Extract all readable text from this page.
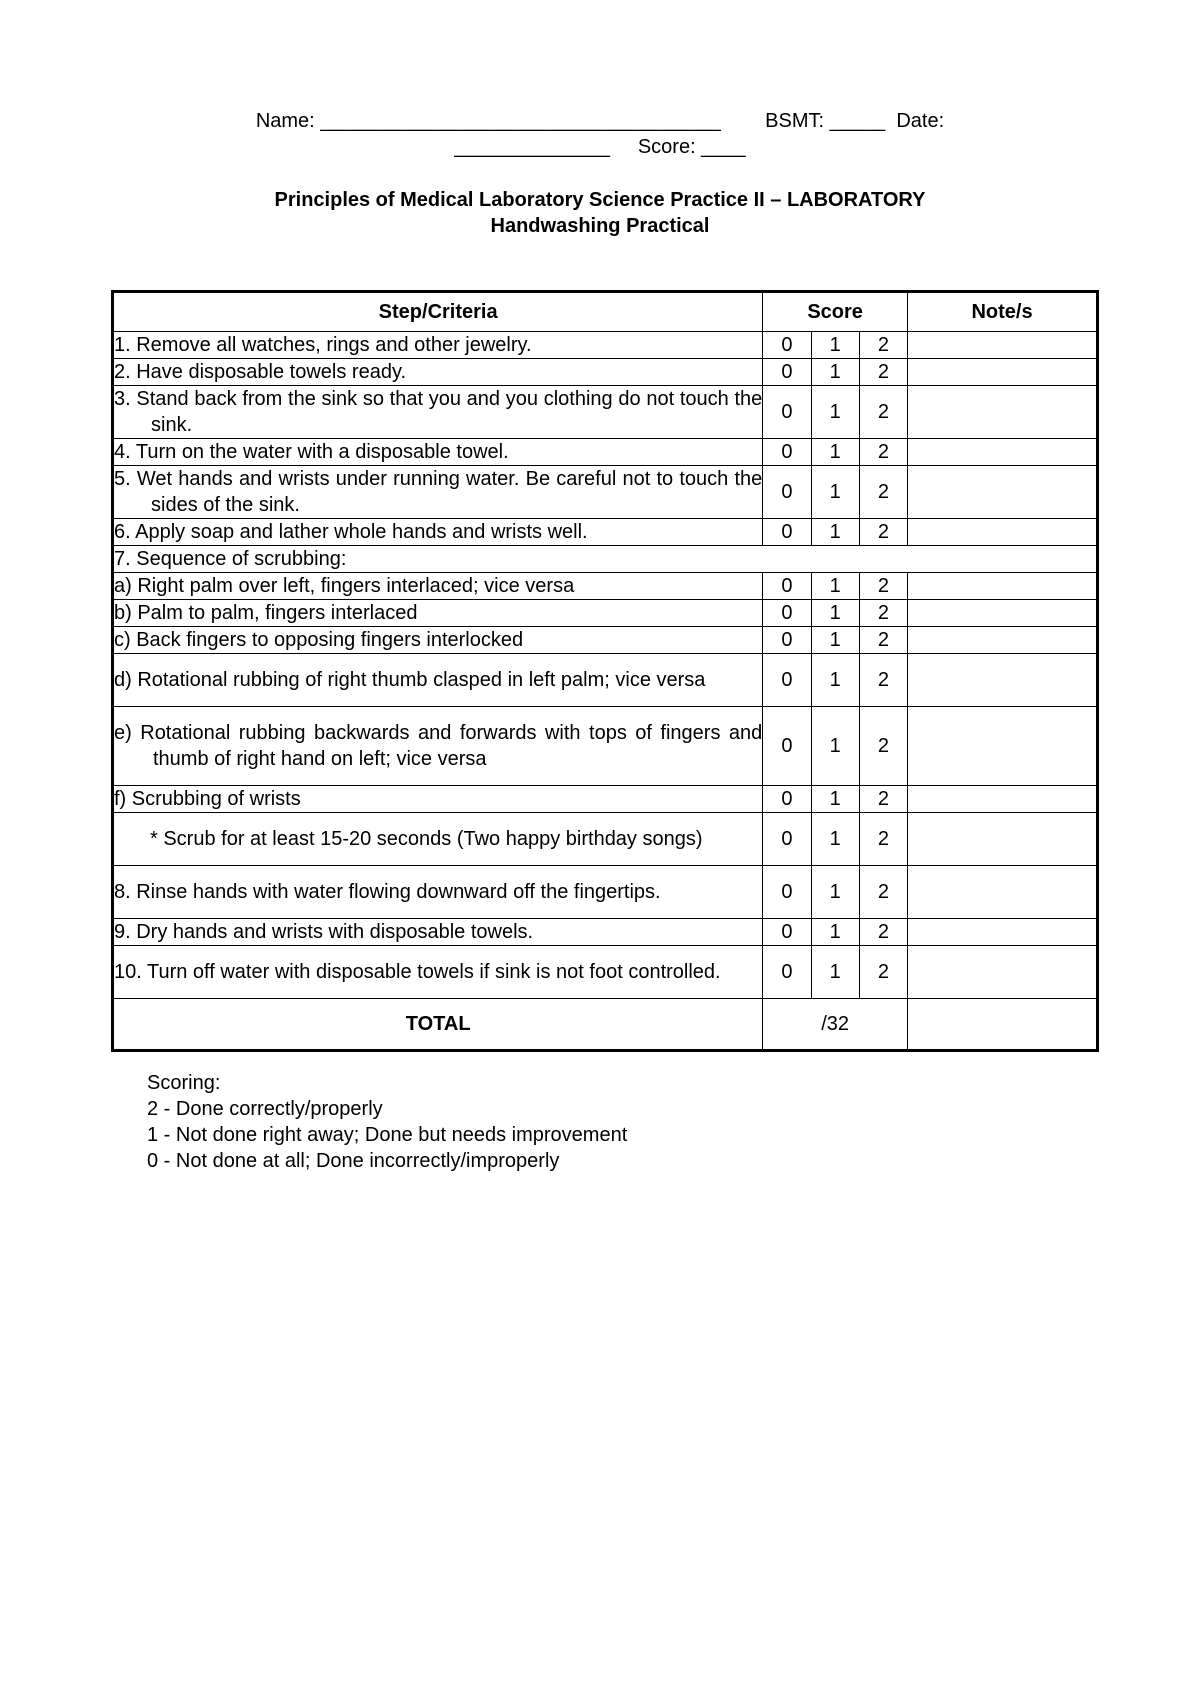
Name: ____________________________________        BSMT: _____  Date:
______________     Score: ____
Principles of Medical Laboratory Science Practice II – LABORATORY
Handwashing Practical
Step/Criteria	Score			Note/s

1. Remove all watches, rings and other jewelry.	0	1	2	

2. Have disposable towels ready.	0	1	2	

3. Stand back from the sink so that you and you clothing do not touch the sink.	0	1	2	

4. Turn on the water with a disposable towel.	0	1	2	

5. Wet hands and wrists under running water. Be careful not to touch the sides of the sink.	0	1	2	

6. Apply soap and lather whole hands and wrists well.	0	1	2	

7. Sequence of scrubbing:				

a) Right palm over left, fingers interlaced; vice versa	0	1	2	

b) Palm to palm, fingers interlaced	0	1	2	

c) Back fingers to opposing fingers interlocked	0	1	2	

d) Rotational rubbing of right thumb clasped in left palm; vice versa	0	1	2	

e) Rotational rubbing backwards and forwards with tops of fingers and thumb of right hand on left; vice versa	0	1	2	

f) Scrubbing of wrists	0	1	2	

* Scrub for at least 15-20 seconds (Two happy birthday songs)	0	1	2	

8. Rinse hands with water flowing downward off the fingertips.	0	1	2	

9. Dry hands and wrists with disposable towels.	0	1	2	

10. Turn off water with disposable towels if sink is not foot controlled.	0	1	2	
TOTAL	/32			
Scoring:
2 - Done correctly/properly
1 - Not done right away; Done but needs improvement
0 - Not done at all; Done incorrectly/improperly
